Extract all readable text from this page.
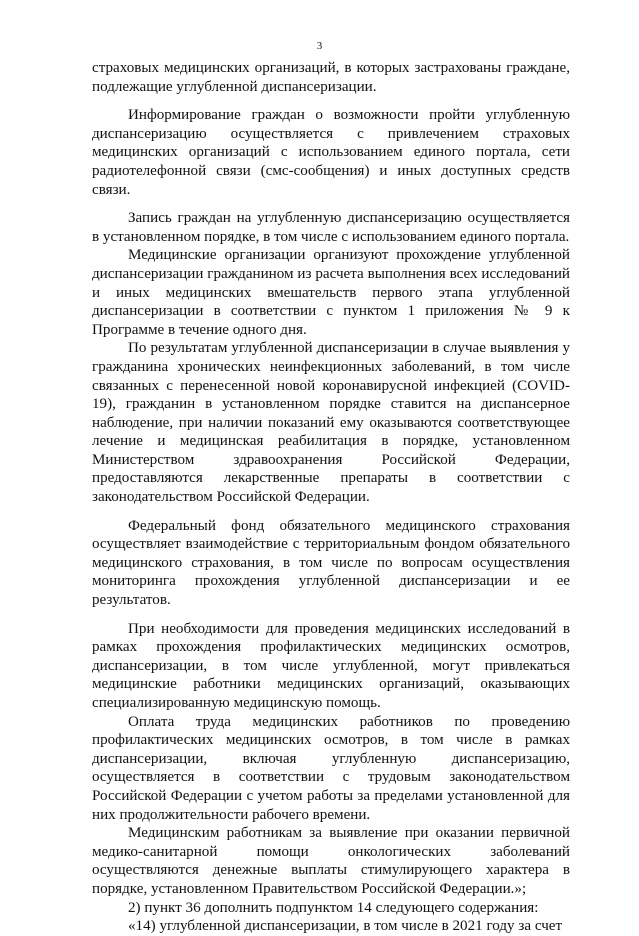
3

страховых медицинских организаций, в которых застрахованы граждане, подлежащие углубленной диспансеризации.

Информирование граждан о возможности пройти углубленную диспансеризацию осуществляется с привлечением страховых медицинских организаций с использованием единого портала, сети радиотелефонной связи (смс-сообщения) и иных доступных средств связи.

Запись граждан на углубленную диспансеризацию осуществляется в установленном порядке, в том числе с использованием единого портала.

Медицинские организации организуют прохождение углубленной диспансеризации гражданином из расчета выполнения всех исследований и иных медицинских вмешательств первого этапа углубленной диспансеризации в соответствии с пунктом 1 приложения № 9 к Программе в течение одного дня.

По результатам углубленной диспансеризации в случае выявления у гражданина хронических неинфекционных заболеваний, в том числе связанных с перенесенной новой коронавирусной инфекцией (COVID-19), гражданин в установленном порядке ставится на диспансерное наблюдение, при наличии показаний ему оказываются соответствующее лечение и медицинская реабилитация в порядке, установленном Министерством здравоохранения Российской Федерации, предоставляются лекарственные препараты в соответствии с законодательством Российской Федерации.

Федеральный фонд обязательного медицинского страхования осуществляет взаимодействие с территориальным фондом обязательного медицинского страхования, в том числе по вопросам осуществления мониторинга прохождения углубленной диспансеризации и ее результатов.

При необходимости для проведения медицинских исследований в рамках прохождения профилактических медицинских осмотров, диспансеризации, в том числе углубленной, могут привлекаться медицинские работники медицинских организаций, оказывающих специализированную медицинскую помощь.

Оплата труда медицинских работников по проведению профилактических медицинских осмотров, в том числе в рамках диспансеризации, включая углубленную диспансеризацию, осуществляется в соответствии с трудовым законодательством Российской Федерации с учетом работы за пределами установленной для них продолжительности рабочего времени.

Медицинским работникам за выявление при оказании первичной медико-санитарной помощи онкологических заболеваний осуществляются денежные выплаты стимулирующего характера в порядке, установленном Правительством Российской Федерации.»;

2) пункт 36 дополнить подпунктом 14 следующего содержания:

«14) углубленной диспансеризации, в том числе в 2021 году за счет
